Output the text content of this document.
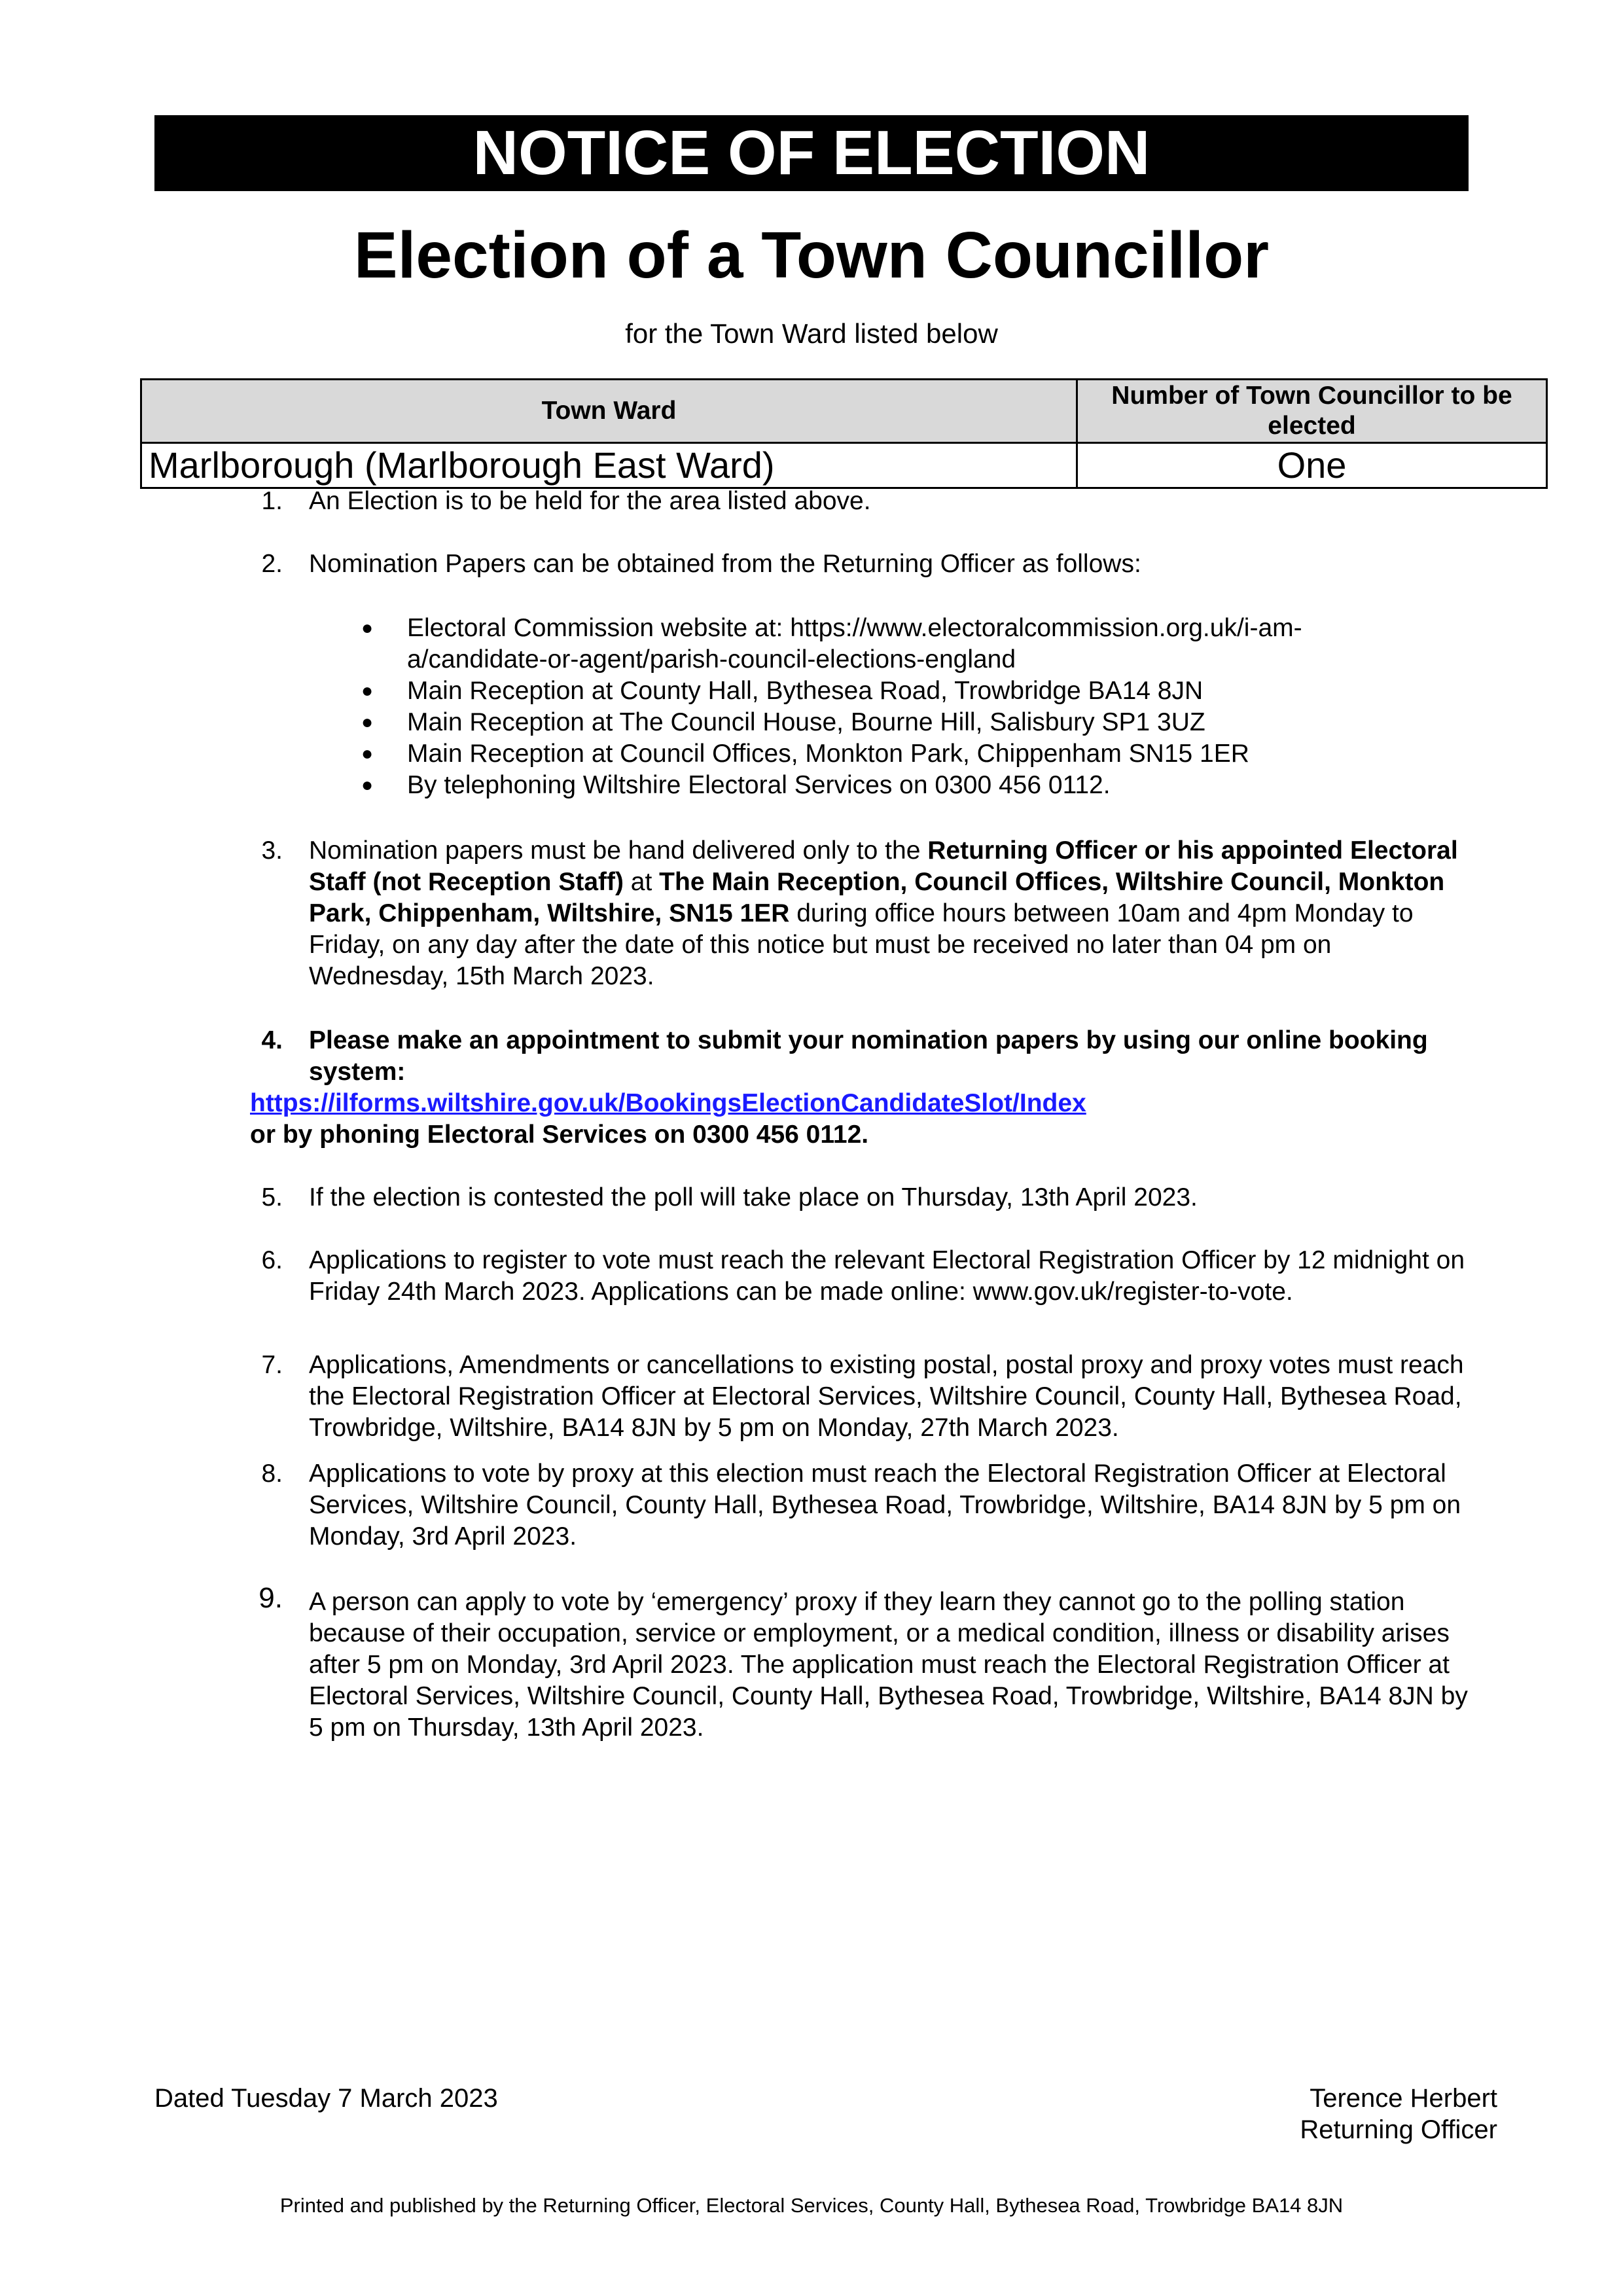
NOTICE OF ELECTION
Election of a Town Councillor
for the Town Ward listed below
Town Ward	Number of Town Councillor to be elected
Marlborough (Marlborough East Ward)	One
1. An Election is to be held for the area listed above.
2. Nomination Papers can be obtained from the Returning Officer as follows:
● Electoral Commission website at: https://www.electoralcommission.org.uk/i-am-
a/candidate-or-agent/parish-council-elections-england
● Main Reception at County Hall, Bythesea Road, Trowbridge BA14 8JN
● Main Reception at The Council House, Bourne Hill, Salisbury SP1 3UZ
● Main Reception at Council Offices, Monkton Park, Chippenham SN15 1ER
● By telephoning Wiltshire Electoral Services on 0300 456 0112.
3. Nomination papers must be hand delivered only to the Returning Officer or his appointed Electoral Staff (not Reception Staff) at The Main Reception, Council Offices, Wiltshire Council, Monkton Park, Chippenham, Wiltshire, SN15 1ER during office hours between 10am and 4pm Monday to Friday, on any day after the date of this notice but must be received no later than 04 pm on Wednesday, 15th March 2023.
4. Please make an appointment to submit your nomination papers by using our online booking system:
https://ilforms.wiltshire.gov.uk/BookingsElectionCandidateSlot/Index
or by phoning Electoral Services on 0300 456 0112.
5. If the election is contested the poll will take place on Thursday, 13th April 2023.
6. Applications to register to vote must reach the relevant Electoral Registration Officer by 12 midnight on Friday 24th March 2023. Applications can be made online: www.gov.uk/register-to-vote.
7. Applications, Amendments or cancellations to existing postal, postal proxy and proxy votes must reach the Electoral Registration Officer at Electoral Services, Wiltshire Council, County Hall, Bythesea Road, Trowbridge, Wiltshire, BA14 8JN by 5 pm on Monday, 27th March 2023.
8. Applications to vote by proxy at this election must reach the Electoral Registration Officer at Electoral Services, Wiltshire Council, County Hall, Bythesea Road, Trowbridge, Wiltshire, BA14 8JN by 5 pm on Monday, 3rd April 2023.
9. A person can apply to vote by ‘emergency’ proxy if they learn they cannot go to the polling station because of their occupation, service or employment, or a medical condition, illness or disability arises after 5 pm on Monday, 3rd April 2023. The application must reach the Electoral Registration Officer at Electoral Services, Wiltshire Council, County Hall, Bythesea Road, Trowbridge, Wiltshire, BA14 8JN by 5 pm on Thursday, 13th April 2023.
Dated Tuesday 7 March 2023	Terence Herbert
Returning Officer
Printed and published by the Returning Officer, Electoral Services, County Hall, Bythesea Road, Trowbridge BA14 8JN
